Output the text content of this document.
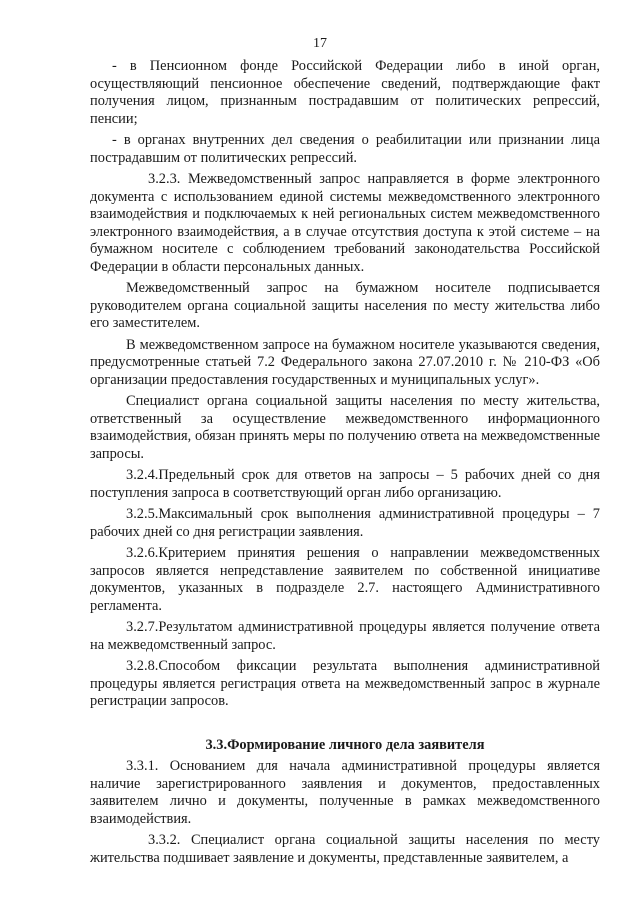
17

- в Пенсионном фонде Российской Федерации либо в иной орган, осуществляющий пенсионное обеспечение сведений, подтверждающие факт получения лицом, признанным пострадавшим от политических репрессий, пенсии;

- в органах внутренних дел сведения о реабилитации или признании лица пострадавшим от политических репрессий.

3.2.3. Межведомственный запрос направляется в форме электронного документа с использованием единой системы межведомственного электронного взаимодействия и подключаемых к ней региональных систем межведомственного электронного взаимодействия, а в случае отсутствия доступа к этой системе – на бумажном носителе с соблюдением требований законодательства Российской Федерации в области персональных данных.

Межведомственный запрос на бумажном носителе подписывается руководителем органа социальной защиты населения по месту жительства либо его заместителем.

В межведомственном запросе на бумажном носителе указываются сведения, предусмотренные статьей 7.2 Федерального закона 27.07.2010 г. № 210-ФЗ «Об организации предоставления государственных и муниципальных услуг».

Специалист органа социальной защиты населения по месту жительства, ответственный за осуществление межведомственного информационного взаимодействия, обязан принять меры по получению ответа на межведомственные запросы.

3.2.4.Предельный срок для ответов на запросы – 5 рабочих дней со дня поступления запроса в соответствующий орган либо организацию.

3.2.5.Максимальный срок выполнения административной процедуры – 7 рабочих дней со дня регистрации заявления.

3.2.6.Критерием принятия решения о направлении межведомственных запросов является непредставление заявителем по собственной инициативе документов, указанных в подразделе 2.7. настоящего Административного регламента.

3.2.7.Результатом административной процедуры является получение ответа на межведомственный запрос.

3.2.8.Способом фиксации результата выполнения административной процедуры является регистрация ответа на межведомственный запрос в журнале регистрации запросов.

3.3.Формирование личного дела заявителя

3.3.1. Основанием для начала административной процедуры является наличие зарегистрированного заявления и документов, предоставленных заявителем лично и документы, полученные в рамках межведомственного взаимодействия.

3.3.2. Специалист органа социальной защиты населения по месту жительства подшивает заявление и документы, представленные заявителем, а
